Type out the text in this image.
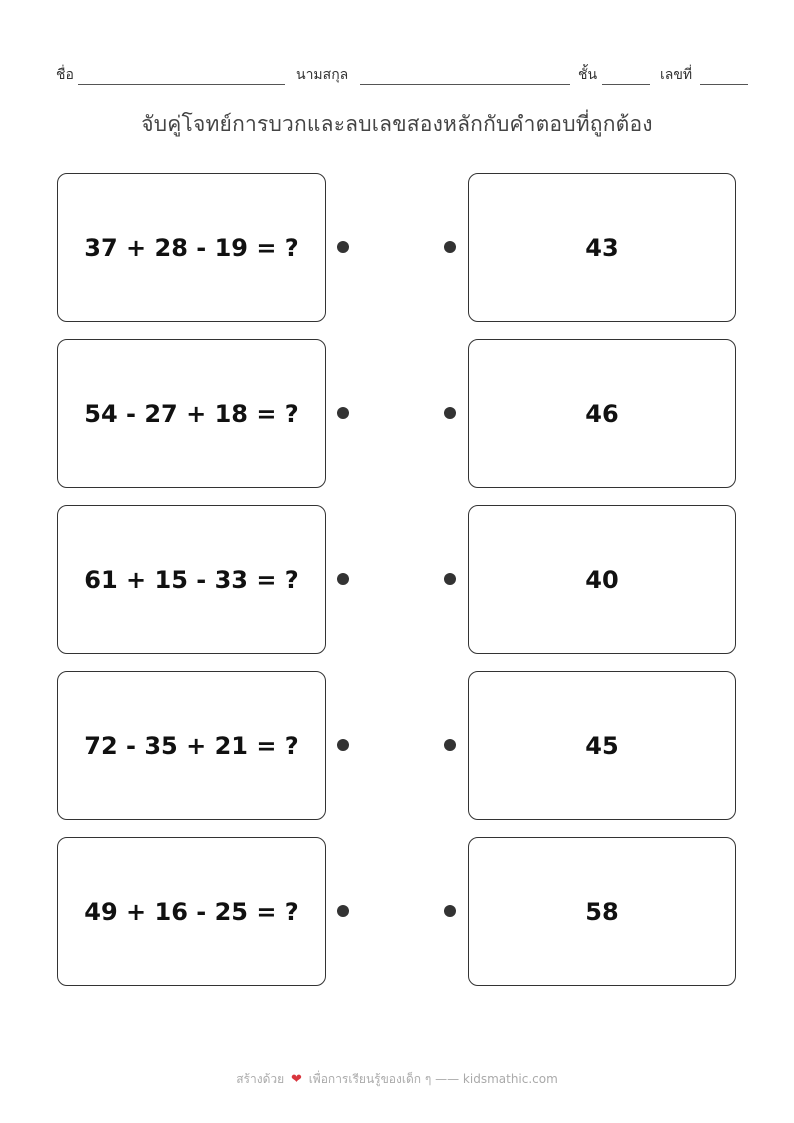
ชื่อ	นามสกุล	ชั้น	เลขที่
จับคู่โจทย์การบวกและลบเลขสองหลักกับคำตอบที่ถูกต้อง
37 + 28 - 19 = ?	43
54 - 27 + 18 = ?	46
61 + 15 - 33 = ?	40
72 - 35 + 21 = ?	45
49 + 16 - 25 = ?	58
สร้างด้วย ❤ เพื่อการเรียนรู้ของเด็ก ๆ —— kidsmathic.com
